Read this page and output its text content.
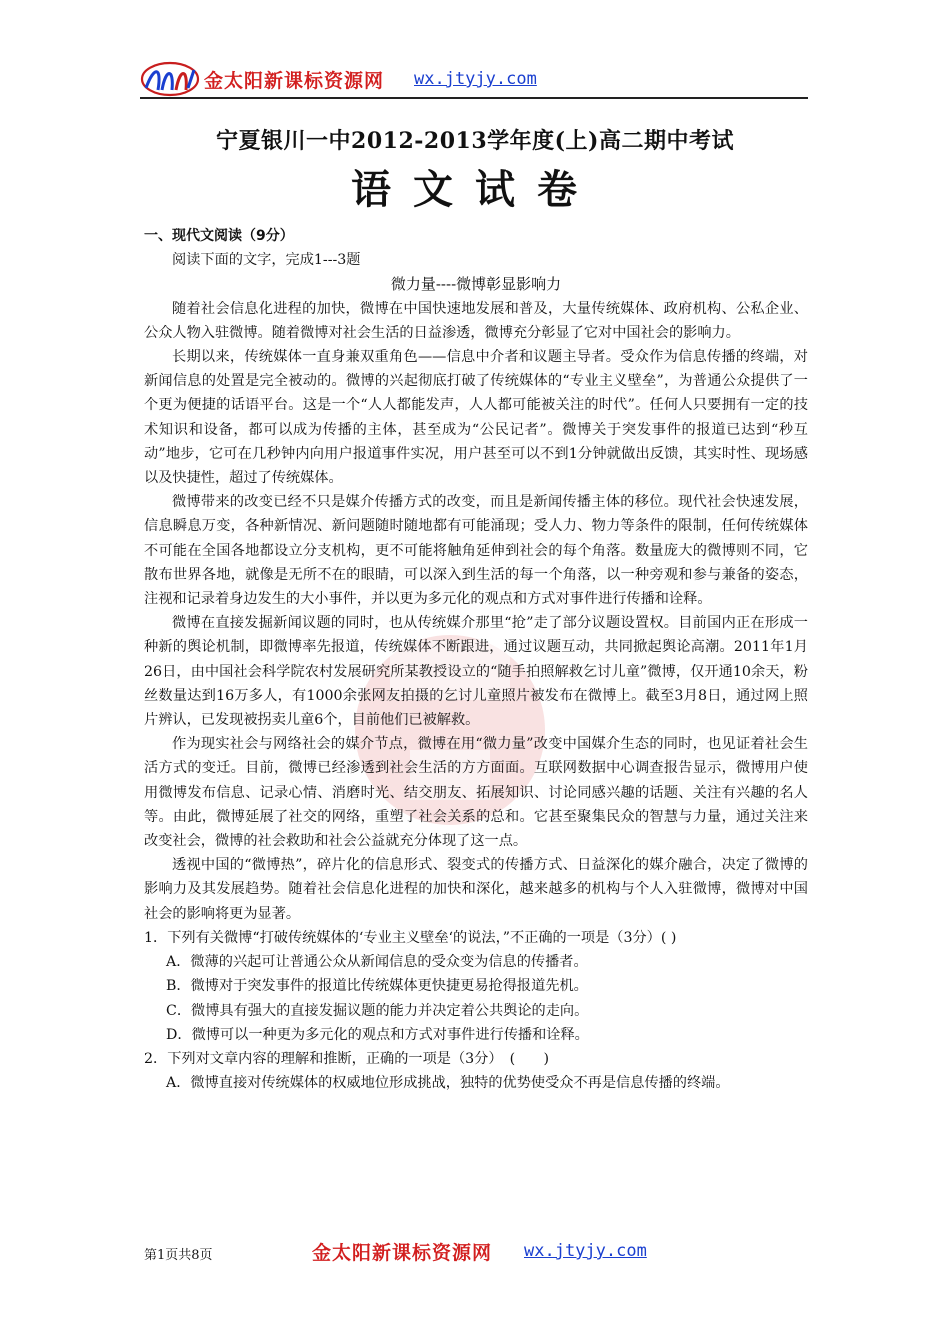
金太阳新课标资源网 wx.jtyjy.com
宁夏银川一中2012-2013学年度(上)高二期中考试
语文试卷

一、现代文阅读（9分）

阅读下面的文字，完成1---3题

微力量----微博彰显影响力

随着社会信息化进程的加快，微博在中国快速地发展和普及，大量传统媒体、政府机构、公私企业、公众人物入驻微博。随着微博对社会生活的日益渗透，微博充分彰显了它对中国社会的影响力。

长期以来，传统媒体一直身兼双重角色——信息中介者和议题主导者。受众作为信息传播的终端，对新闻信息的处置是完全被动的。微博的兴起彻底打破了传统媒体的“专业主义壁垒”，为普通公众提供了一个更为便捷的话语平台。这是一个“人人都能发声，人人都可能被关注的时代”。任何人只要拥有一定的技术知识和设备，都可以成为传播的主体，甚至成为“公民记者”。微博关于突发事件的报道已达到“秒互动”地步，它可在几秒钟内向用户报道事件实况，用户甚至可以不到1分钟就做出反馈，其实时性、现场感以及快捷性，超过了传统媒体。

微博带来的改变已经不只是媒介传播方式的改变，而且是新闻传播主体的移位。现代社会快速发展，信息瞬息万变，各种新情况、新问题随时随地都有可能涌现；受人力、物力等条件的限制，任何传统媒体不可能在全国各地都设立分支机构，更不可能将触角延伸到社会的每个角落。数量庞大的微博则不同，它散布世界各地，就像是无所不在的眼睛，可以深入到生活的每一个角落，以一种旁观和参与兼备的姿态，注视和记录着身边发生的大小事件，并以更为多元化的观点和方式对事件进行传播和诠释。

微博在直接发掘新闻议题的同时，也从传统媒介那里“抢”走了部分议题设置权。目前国内正在形成一种新的舆论机制，即微博率先报道，传统媒体不断跟进，通过议题互动，共同掀起舆论高潮。2011年1月26日，由中国社会科学院农村发展研究所某教授设立的“随手拍照解救乞讨儿童”微博，仅开通10余天，粉丝数量达到16万多人，有1000余张网友拍摄的乞讨儿童照片被发布在微博上。截至3月8日，通过网上照片辨认，已发现被拐卖儿童6个，目前他们已被解救。

作为现实社会与网络社会的媒介节点，微博在用“微力量”改变中国媒介生态的同时，也见证着社会生活方式的变迁。目前，微博已经渗透到社会生活的方方面面。互联网数据中心调查报告显示，微博用户使用微博发布信息、记录心情、消磨时光、结交朋友、拓展知识、讨论同感兴趣的话题、关注有兴趣的名人等。由此，微博延展了社交的网络，重塑了社会关系的总和。它甚至聚集民众的智慧与力量，通过关注来改变社会，微博的社会救助和社会公益就充分体现了这一点。

透视中国的“微博热”，碎片化的信息形式、裂变式的传播方式、日益深化的媒介融合，决定了微博的影响力及其发展趋势。随着社会信息化进程的加快和深化，越来越多的机构与个人入驻微博，微博对中国社会的影响将更为显著。

1．下列有关微博“打破传统媒体的‘专业主义壁垒‘的说法，”不正确的一项是（3分）( )

A．微薄的兴起可让普通公众从新闻信息的受众变为信息的传播者。

B．微博对于突发事件的报道比传统媒体更快捷更易抢得报道先机。

C．微博具有强大的直接发掘议题的能力并决定着公共舆论的走向。

D．微博可以一种更为多元化的观点和方式对事件进行传播和诠释。

2．下列对文章内容的理解和推断，正确的一项是（3分）　(　　)

A．微博直接对传统媒体的权威地位形成挑战，独特的优势使受众不再是信息传播的终端。

第1页共8页	金太阳新课标资源网 wx.jtyjy.com
